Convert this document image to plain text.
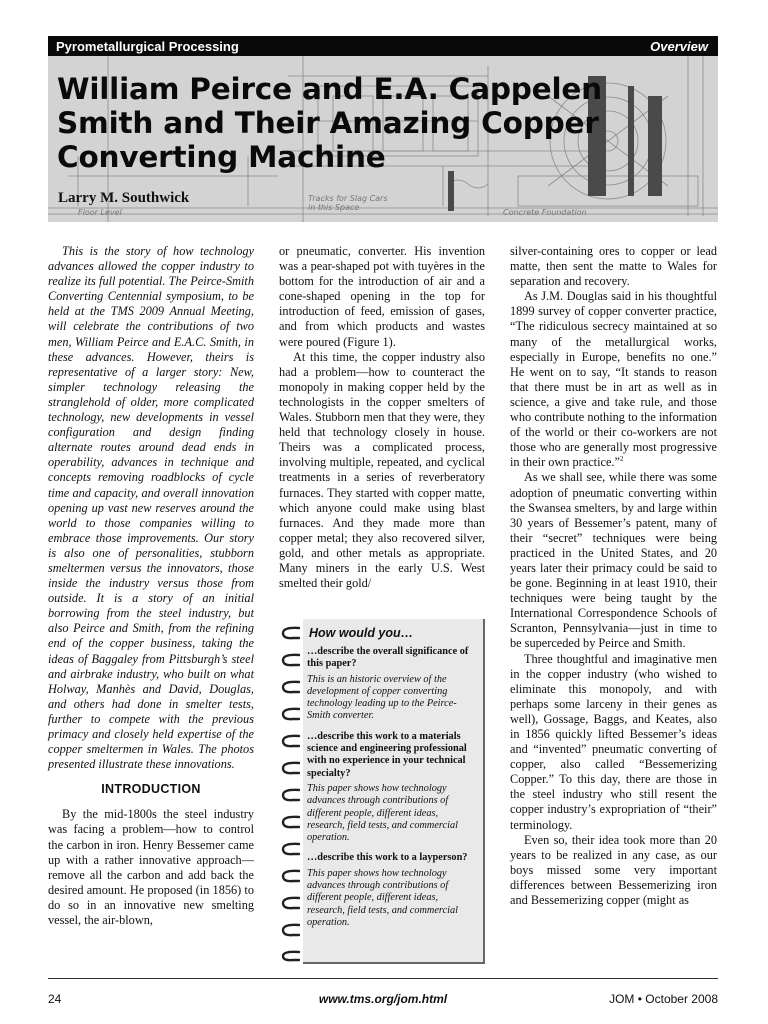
Pyrometallurgical Processing	Overview
Floor Level
Tracks for Slag Cars
in this Space
Concrete Foundation
William Peirce and E.A. Cappelen Smith and Their Amazing Copper Converting Machine
Larry M. Southwick

This is the story of how technology advances allowed the copper industry to realize its full potential. The Peirce-Smith Converting Centennial symposium, to be held at the TMS 2009 Annual Meeting, will celebrate the contributions of two men, William Peirce and E.A.C. Smith, in these advances. However, theirs is representative of a larger story: New, simpler technology releasing the stranglehold of older, more complicated technology, new developments in vessel configuration and design finding alternate routes around dead ends in operability, advances in technique and concepts removing roadblocks of cycle time and capacity, and overall innovation opening up vast new reserves around the world to those companies willing to embrace those improvements. Our story is also one of personalities, stubborn smeltermen versus the innovators, those inside the industry versus those from outside. It is a story of an initial borrowing from the steel industry, but also Peirce and Smith, from the refining end of the copper business, taking the ideas of Baggaley from Pittsburgh’s steel and airbrake industry, who built on what Holway, Manhès and David, Douglas, and others had done in smelter tests, further to compete with the previous primacy and closely held expertise of the copper smeltermen in Wales. The photos presented illustrate these innovations.

INTRODUCTION

By the mid-1800s the steel industry was facing a problem—how to control the carbon in iron. Henry Bessemer came up with a rather innovative approach—remove all the carbon and add back the desired amount. He proposed (in 1856) to do so in an innovative new smelting vessel, the air-blown,

or pneumatic, converter. His invention was a pear-shaped pot with tuyères in the bottom for the introduction of air and a cone-shaped opening in the top for introduction of feed, emission of gases, and from which products and wastes were poured (Figure 1).

At this time, the copper industry also had a problem—how to counteract the monopoly in making copper held by the technologists in the copper smelters of Wales. Stubborn men that they were, they held that technology closely in house. Theirs was a complicated process, involving multiple, repeated, and cyclical treatments in a series of reverberatory furnaces. They started with copper matte, which anyone could make using blast furnaces. And they made more than copper metal; they also recovered silver, gold, and other metals as appropriate. Many miners in the early U.S. West smelted their gold/

How would you…
…describe the overall significance of this paper?
This is an historic overview of the development of copper converting technology leading up to the Peirce-Smith converter.
…describe this work to a materials science and engineering professional with no experience in your technical specialty?
This paper shows how technology advances through contributions of different people, different ideas, research, field tests, and commercial operation.
…describe this work to a layperson?
This paper shows how technology advances through contributions of different people, different ideas, research, field tests, and commercial operation.

silver-containing ores to copper or lead matte, then sent the matte to Wales for separation and recovery.

As J.M. Douglas said in his thoughtful 1899 survey of copper converter practice, “The ridiculous secrecy maintained at so many of the metallurgical works, especially in Europe, benefits no one.” He went on to say, “It stands to reason that there must be in art as well as in science, a give and take rule, and those who contribute nothing to the information of the world or their co-workers are not those who are generally most progressive in their own practice.”$^2$

As we shall see, while there was some adoption of pneumatic converting within the Swansea smelters, by and large within 30 years of Bessemer’s patent, many of their “secret” techniques were being practiced in the United States, and 20 years later their primacy could be said to be gone. Beginning in at least 1910, their techniques were being taught by the International Correspondence Schools of Scranton, Pennsylvania—just in time to be superceded by Peirce and Smith.

Three thoughtful and imaginative men in the copper industry (who wished to eliminate this monopoly, and with perhaps some larceny in their genes as well), Gossage, Baggs, and Keates, also in 1856 quickly lifted Bessemer’s ideas and “invented” pneumatic converting of copper, also called “Bessemerizing Copper.” To this day, there are those in the steel industry who still resent the copper industry’s expropriation of “their” terminology.

Even so, their idea took more than 20 years to be realized in any case, as our boys missed some very important differences between Bessemerizing iron and Bessemerizing copper (might as

24	www.tms.org/jom.html	JOM • October 2008
